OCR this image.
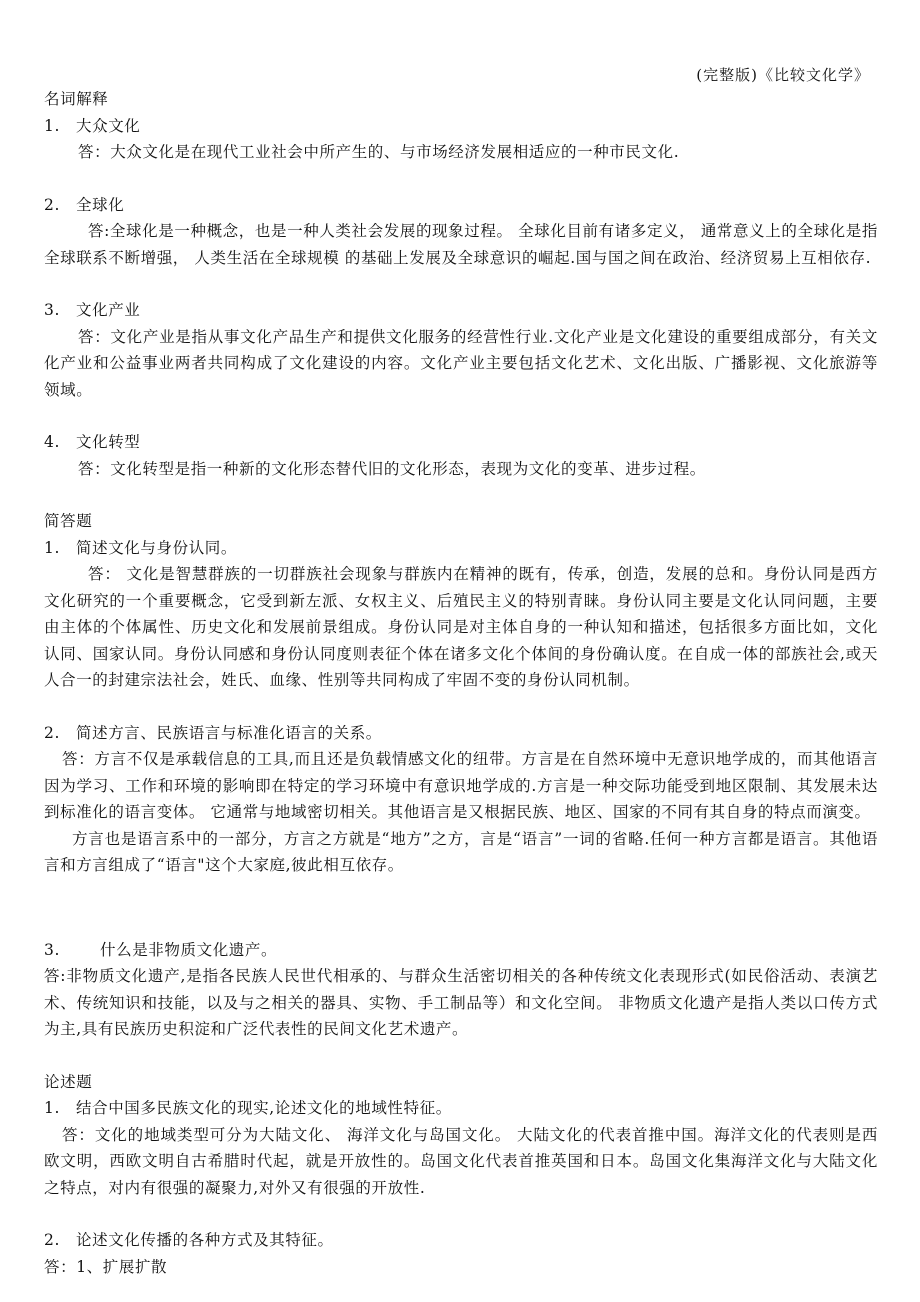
(完整版)《比较文化学》
名词解释
1. 大众文化

答：大众文化是在现代工业社会中所产生的、与市场经济发展相适应的一种市民文化.

2. 全球化

答:全球化是一种概念，也是一种人类社会发展的现象过程。 全球化目前有诸多定义， 通常意义上的全球化是指全球联系不断增强， 人类生活在全球规模 的基础上发展及全球意识的崛起.国与国之间在政治、经济贸易上互相依存.

3. 文化产业

答：文化产业是指从事文化产品生产和提供文化服务的经营性行业.文化产业是文化建设的重要组成部分，有关文化产业和公益事业两者共同构成了文化建设的内容。文化产业主要包括文化艺术、文化出版、广播影视、文化旅游等领域。

4. 文化转型

答：文化转型是指一种新的文化形态替代旧的文化形态，表现为文化的变革、进步过程。

简答题
1. 简述文化与身份认同。

答： 文化是智慧群族的一切群族社会现象与群族内在精神的既有，传承，创造，发展的总和。身份认同是西方文化研究的一个重要概念，它受到新左派、女权主义、后殖民主义的特别青睐。身份认同主要是文化认同问题，主要由主体的个体属性、历史文化和发展前景组成。身份认同是对主体自身的一种认知和描述，包括很多方面比如，文化认同、国家认同。身份认同感和身份认同度则表征个体在诸多文化个体间的身份确认度。在自成一体的部族社会,或天人合一的封建宗法社会，姓氏、血缘、性别等共同构成了牢固不变的身份认同机制。

2. 简述方言、民族语言与标准化语言的关系。

答：方言不仅是承载信息的工具,而且还是负载情感文化的纽带。方言是在自然环境中无意识地学成的，而其他语言因为学习、工作和环境的影响即在特定的学习环境中有意识地学成的.方言是一种交际功能受到地区限制、其发展未达到标准化的语言变体。 它通常与地域密切相关。其他语言是又根据民族、地区、国家的不同有其自身的特点而演变。

方言也是语言系中的一部分，方言之方就是“地方”之方，言是“语言”一词的省略.任何一种方言都是语言。其他语言和方言组成了“语言"这个大家庭,彼此相互依存。

3.	什么是非物质文化遗产。

答:非物质文化遗产,是指各民族人民世代相承的、与群众生活密切相关的各种传统文化表现形式(如民俗活动、表演艺术、传统知识和技能，以及与之相关的器具、实物、手工制品等）和文化空间。 非物质文化遗产是指人类以口传方式为主,具有民族历史积淀和广泛代表性的民间文化艺术遗产。

论述题
1. 结合中国多民族文化的现实,论述文化的地域性特征。

答：文化的地域类型可分为大陆文化、 海洋文化与岛国文化。 大陆文化的代表首推中国。海洋文化的代表则是西欧文明，西欧文明自古希腊时代起，就是开放性的。岛国文化代表首推英国和日本。岛国文化集海洋文化与大陆文化之特点，对内有很强的凝聚力,对外又有很强的开放性.

2. 论述文化传播的各种方式及其特征。

答：1、扩展扩散
